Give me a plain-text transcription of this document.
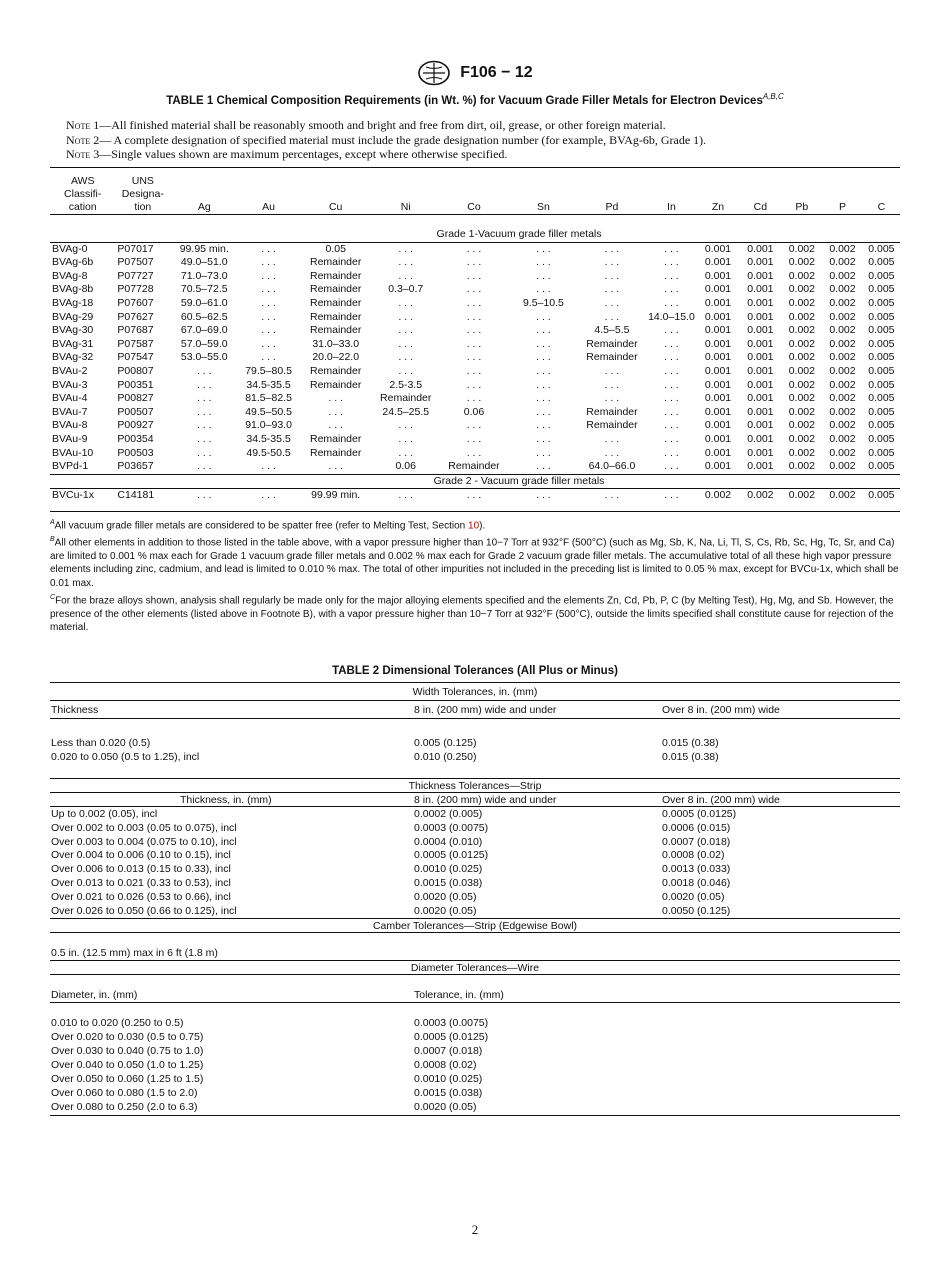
F106 − 12
TABLE 1 Chemical Composition Requirements (in Wt. %) for Vacuum Grade Filler Metals for Electron Devices$^{A,B,C}$
Note 1—All finished material shall be reasonably smooth and bright and free from dirt, oil, grease, or other foreign material.
Note 2— A complete designation of specified material must include the grade designation number (for example, BVAg-6b, Grade 1).
Note 3—Single values shown are maximum percentages, except where otherwise specified.
AWS
Classifi-
cation	UNS
Designa-
tion	Ag	Au	Cu	Ni	Co	Sn	Pd	In	Zn	Cd	Pb	P	C

				Grade 1-Vacuum grade filler metals										
BVAg-0	P07017	99.95 min.	. . .	0.05	. . .	. . .	. . .	. . .	. . .	0.001	0.001	0.002	0.002	0.005
BVAg-6b	P07507	49.0–51.0	. . .	Remainder	. . .	. . .	. . .	. . .	. . .	0.001	0.001	0.002	0.002	0.005
BVAg-8	P07727	71.0–73.0	. . .	Remainder	. . .	. . .	. . .	. . .	. . .	0.001	0.001	0.002	0.002	0.005
BVAg-8b	P07728	70.5–72.5	. . .	Remainder	0.3–0.7	. . .	. . .	. . .	. . .	0.001	0.001	0.002	0.002	0.005
BVAg-18	P07607	59.0–61.0	. . .	Remainder	. . .	. . .	9.5–10.5	. . .	. . .	0.001	0.001	0.002	0.002	0.005
BVAg-29	P07627	60.5–62.5	. . .	Remainder	. . .	. . .	. . .	. . .	14.0–15.0	0.001	0.001	0.002	0.002	0.005
BVAg-30	P07687	67.0–69.0	. . .	Remainder	. . .	. . .	. . .	4.5–5.5	. . .	0.001	0.001	0.002	0.002	0.005
BVAg-31	P07587	57.0–59.0	. . .	31.0–33.0	. . .	. . .	. . .	Remainder	. . .	0.001	0.001	0.002	0.002	0.005
BVAg-32	P07547	53.0–55.0	. . .	20.0–22.0	. . .	. . .	. . .	Remainder	. . .	0.001	0.001	0.002	0.002	0.005
BVAu-2	P00807	. . .	79.5–80.5	Remainder	. . .	. . .	. . .	. . .	. . .	0.001	0.001	0.002	0.002	0.005
BVAu-3	P00351	. . .	34.5-35.5	Remainder	2.5-3.5	. . .	. . .	. . .	. . .	0.001	0.001	0.002	0.002	0.005
BVAu-4	P00827	. . .	81.5–82.5	. . .	Remainder	. . .	. . .	. . .	. . .	0.001	0.001	0.002	0.002	0.005
BVAu-7	P00507	. . .	49.5–50.5	. . .	24.5–25.5	0.06	. . .	Remainder	. . .	0.001	0.001	0.002	0.002	0.005
BVAu-8	P00927	. . .	91.0–93.0	. . .	. . .	. . .	. . .	Remainder	. . .	0.001	0.001	0.002	0.002	0.005
BVAu-9	P00354	. . .	34.5-35.5	Remainder	. . .	. . .	. . .	. . .	. . .	0.001	0.001	0.002	0.002	0.005
BVAu-10	P00503	. . .	49.5-50.5	Remainder	. . .	. . .	. . .	. . .	. . .	0.001	0.001	0.002	0.002	0.005
BVPd-1	P03657	. . .	. . .	. . .	0.06	Remainder	. . .	64.0–66.0	. . .	0.001	0.001	0.002	0.002	0.005
				Grade 2 - Vacuum grade filler metals										
BVCu-1x	C14181	. . .	. . .	99.99 min.	. . .	. . .	. . .	. . .	. . .	0.002	0.002	0.002	0.002	0.005

$^A$All vacuum grade filler metals are considered to be spatter free (refer to Melting Test, Section 10).

$^B$All other elements in addition to those listed in the table above, with a vapor pressure higher than 10−7 Torr at 932°F (500°C) (such as Mg, Sb, K, Na, Li, Tl, S, Cs, Rb, Sc, Hg, Tc, Sr, and Ca) are limited to 0.001 % max each for Grade 1 vacuum grade filler metals and 0.002 % max each for Grade 2 vacuum grade filler metals. The accumulative total of all these high vapor pressure elements including zinc, cadmium, and lead is limited to 0.010 % max. The total of other impurities not included in the preceding list is limited to 0.05 % max, except for BVCu-1x, which shall be 0.01 max.

$^C$For the braze alloys shown, analysis shall regularly be made only for the major alloying elements specified and the elements Zn, Cd, Pb, P, C (by Melting Test), Hg, Mg, and Sb. However, the presence of the other elements (listed above in Footnote B), with a vapor pressure higher than 10−7 Torr at 932°F (500°C), outside the limits specified shall constitute cause for rejection of the material.

TABLE 2 Dimensional Tolerances (All Plus or Minus)
Width Tolerances, in. (mm)
Thickness	8 in. (200 mm) wide and under	Over 8 in. (200 mm) wide
Less than 0.020 (0.5)	0.005 (0.125)	0.015 (0.38)
0.020 to 0.050 (0.5 to 1.25), incl	0.010 (0.250)	0.015 (0.38)
Thickness Tolerances—Strip
Thickness, in. (mm)	8 in. (200 mm) wide and under	Over 8 in. (200 mm) wide
Up to 0.002 (0.05), incl	0.0002 (0.005)	0.0005 (0.0125)
Over 0.002 to 0.003 (0.05 to 0.075), incl	0.0003 (0.0075)	0.0006 (0.015)
Over 0.003 to 0.004 (0.075 to 0.10), incl	0.0004 (0.010)	0.0007 (0.018)
Over 0.004 to 0.006 (0.10 to 0.15), incl	0.0005 (0.0125)	0.0008 (0.02)
Over 0.006 to 0.013 (0.15 to 0.33), incl	0.0010 (0.025)	0.0013 (0.033)
Over 0.013 to 0.021 (0.33 to 0.53), incl	0.0015 (0.038)	0.0018 (0.046)
Over 0.021 to 0.026 (0.53 to 0.66), incl	0.0020 (0.05)	0.0020 (0.05)
Over 0.026 to 0.050 (0.66 to 0.125), incl	0.0020 (0.05)	0.0050 (0.125)
Camber Tolerances—Strip (Edgewise Bowl)
0.5 in. (12.5 mm) max in 6 ft (1.8 m)
Diameter Tolerances—Wire
Diameter, in. (mm)	Tolerance, in. (mm)
0.010 to 0.020 (0.250 to 0.5)	0.0003 (0.0075)
Over 0.020 to 0.030 (0.5 to 0.75)	0.0005 (0.0125)
Over 0.030 to 0.040 (0.75 to 1.0)	0.0007 (0.018)
Over 0.040 to 0.050 (1.0 to 1.25)	0.0008 (0.02)
Over 0.050 to 0.060 (1.25 to 1.5)	0.0010 (0.025)
Over 0.060 to 0.080 (1.5 to 2.0)	0.0015 (0.038)
Over 0.080 to 0.250 (2.0 to 6.3)	0.0020 (0.05)
2
